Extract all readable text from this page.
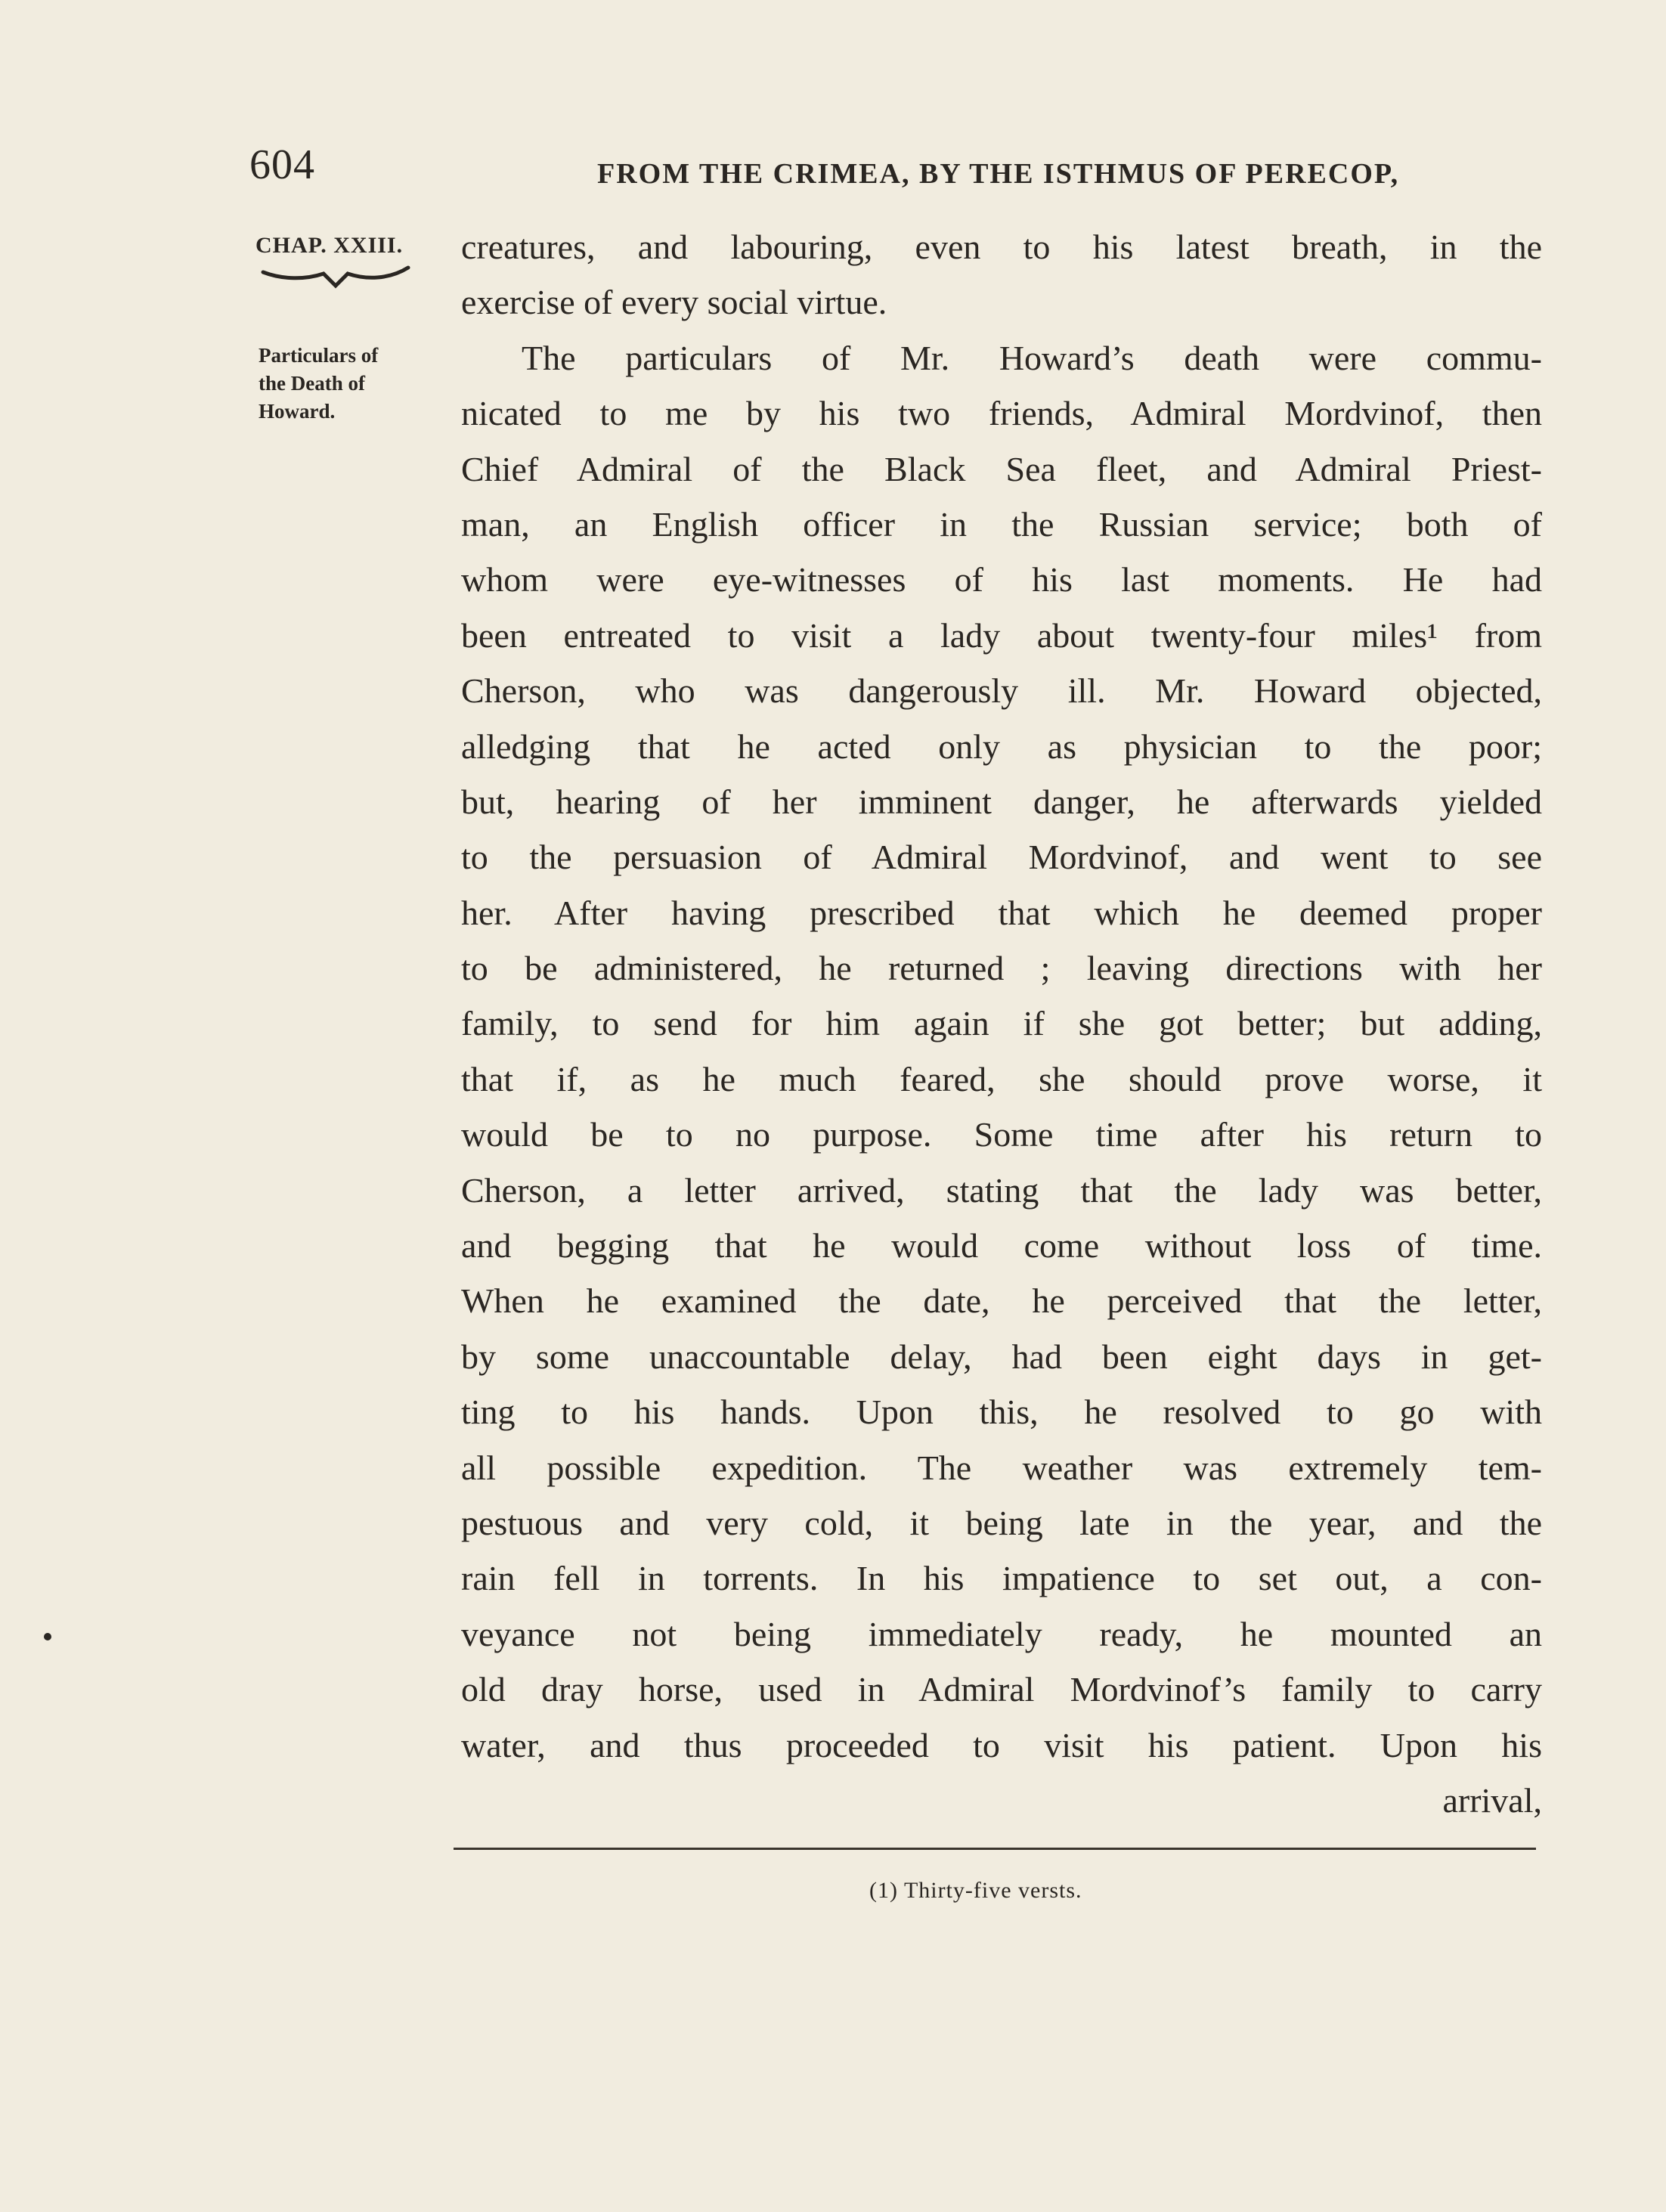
604	FROM THE CRIMEA, BY THE ISTHMUS OF PERECOP,
CHAP. XXIII.
Particulars of
the Death of
Howard.
creatures, and labouring, even to his latest breath, in the
exercise of every social virtue.
The particulars of Mr. Howard’s death were commu-
nicated to me by his two friends, Admiral Mordvinof, then
Chief Admiral of the Black Sea fleet, and Admiral Priest-
man, an English officer in the Russian service; both of
whom were eye-witnesses of his last moments. He had
been entreated to visit a lady about twenty-four miles¹ from
Cherson, who was dangerously ill. Mr. Howard objected,
alledging that he acted only as physician to the poor;
but, hearing of her imminent danger, he afterwards yielded
to the persuasion of Admiral Mordvinof, and went to see
her. After having prescribed that which he deemed proper
to be administered, he returned ; leaving directions with her
family, to send for him again if she got better; but adding,
that if, as he much feared, she should prove worse, it
would be to no purpose. Some time after his return to
Cherson, a letter arrived, stating that the lady was better,
and begging that he would come without loss of time.
When he examined the date, he perceived that the letter,
by some unaccountable delay, had been eight days in get-
ting to his hands. Upon this, he resolved to go with
all possible expedition. The weather was extremely tem-
pestuous and very cold, it being late in the year, and the
rain fell in torrents. In his impatience to set out, a con-
veyance not being immediately ready, he mounted an
old dray horse, used in Admiral Mordvinof’s family to carry
water, and thus proceeded to visit his patient. Upon his
arrival,
(1) Thirty-five versts.
